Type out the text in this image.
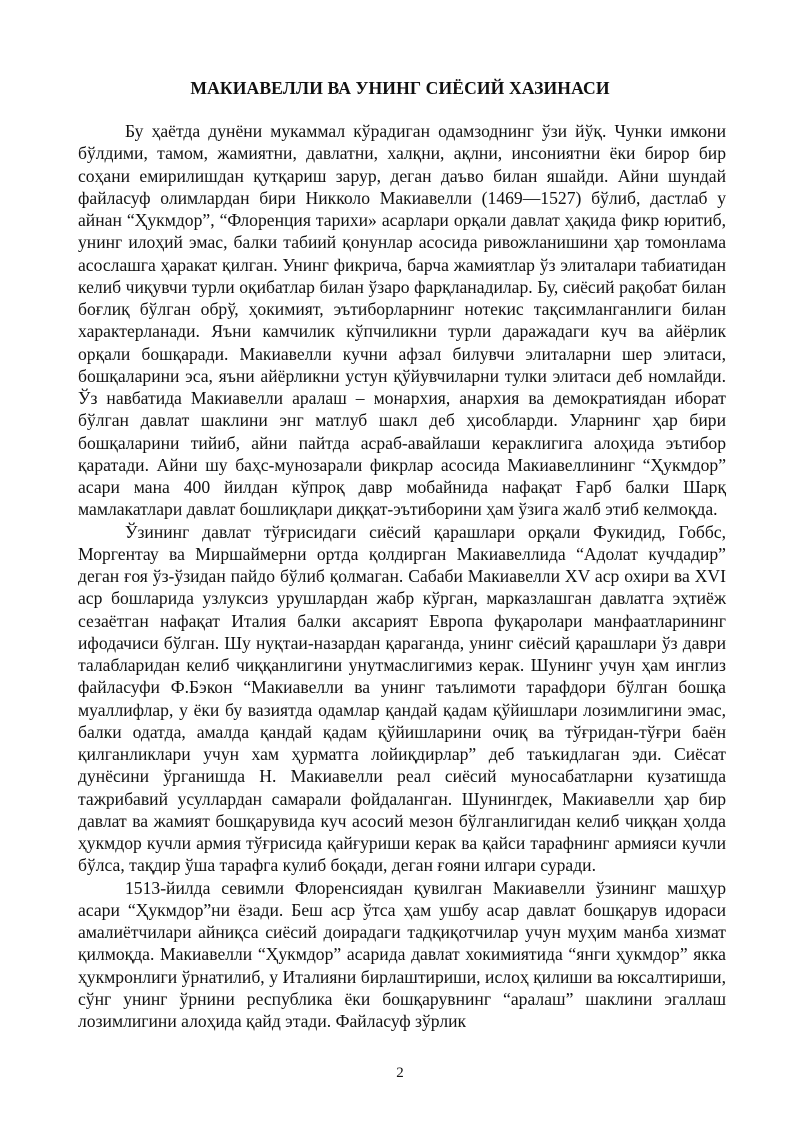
МАКИАВЕЛЛИ ВА УНИНГ СИЁСИЙ ХАЗИНАСИ

Бу ҳаётда дунёни мукаммал кўрадиган одамзоднинг ўзи йўқ. Чунки имкони бўлдими, тамом, жамиятни, давлатни, халқни, ақлни, инсониятни ёки бирор бир соҳани емирилишдан қутқариш зарур, деган даъво билан яшайди. Айни шундай файласуф олимлардан бири Никколо Макиавелли (1469—1527) бўлиб, дастлаб у айнан “Ҳукмдор”, “Флоренция тарихи» асарлари орқали давлат ҳақида фикр юритиб, унинг илоҳий эмас, балки табиий қонунлар асосида ривожланишини ҳар томонлама асослашга ҳаракат қилган. Унинг фикрича, барча жамиятлар ўз элиталари табиатидан келиб чиқувчи турли оқибатлар билан ўзаро фарқланадилар. Бу, сиёсий рақобат билан боғлиқ бўлган обрў, ҳокимият, эътиборларнинг нотекис тақсимланганлиги билан характерланади. Яъни камчилик кўпчиликни турли даражадаги куч ва айёрлик орқали бошқаради. Макиавелли кучни афзал билувчи элиталарни шер элитаси, бошқаларини эса, яъни айёрликни устун қўйувчиларни тулки элитаси деб номлайди. Ўз навбатида Макиавелли аралаш – монархия, анархия ва демократиядан иборат бўлган давлат шаклини энг матлуб шакл деб ҳисобларди. Уларнинг ҳар бири бошқаларини тийиб, айни пайтда асраб-авайлаши кераклигига алоҳида эътибор қаратади. Айни шу баҳс-мунозарали фикрлар асосида Макиавеллининг “Ҳукмдор” асари мана 400 йилдан кўпроқ давр мобайнида нафақат Ғарб балки Шарқ мамлакатлари давлат бошлиқлари диққат-эътиборини ҳам ўзига жалб этиб келмоқда.

Ўзининг давлат тўғрисидаги сиёсий қарашлари орқали Фукидид, Гоббс, Моргентау ва Миршаймерни ортда қолдирган Макиавеллида “Адолат кучдадир” деган ғоя ўз-ўзидан пайдо бўлиб қолмаган. Сабаби Макиавелли XV аср охири ва XVI аср бошларида узлуксиз урушлардан жабр кўрган, марказлашган давлатга эҳтиёж сезаётган нафақат Италия балки аксарият Европа фуқаролари манфаатларининг ифодачиси бўлган. Шу нуқтаи-назардан қараганда, унинг сиёсий қарашлари ўз даври талабларидан келиб чиққанлигини унутмаслигимиз керак. Шунинг учун ҳам инглиз файласуфи Ф.Бэкон “Макиавелли ва унинг таълимоти тарафдори бўлган бошқа муаллифлар, у ёки бу вазиятда одамлар қандай қадам қўйишлари лозимлигини эмас, балки одатда, амалда қандай қадам қўйишларини очиқ ва тўғридан-тўғри баён қилганликлари учун хам ҳурматга лойиқдирлар” деб таъкидлаган эди. Сиёсат дунёсини ўрганишда Н. Макиавелли реал сиёсий муносабатларни кузатишда тажрибавий усуллардан самарали фойдаланган. Шунингдек, Макиавелли ҳар бир давлат ва жамият бошқарувида куч асосий мезон бўлганлигидан келиб чиққан ҳолда ҳукмдор кучли армия тўғрисида қайғуриши керак ва қайси тарафнинг армияси кучли бўлса, тақдир ўша тарафга кулиб боқади, деган ғояни илгари суради.

1513-йилда севимли Флоренсиядан қувилган Макиавелли ўзининг машҳур асари “Ҳукмдор”ни ёзади. Беш аср ўтса ҳам ушбу асар давлат бошқарув идораси амалиётчилари айниқса сиёсий доирадаги тадқиқотчилар учун муҳим манба хизмат қилмоқда. Макиавелли “Ҳукмдор” асарида давлат хокимиятида “янги ҳукмдор” якка ҳукмронлиги ўрнатилиб, у Италияни бирлаштириши, ислоҳ қилиши ва юксалтириши, сўнг унинг ўрнини республика ёки бошқарувнинг “аралаш” шаклини эгаллаш лозимлигини алоҳида қайд этади. Файласуф зўрлик

2
